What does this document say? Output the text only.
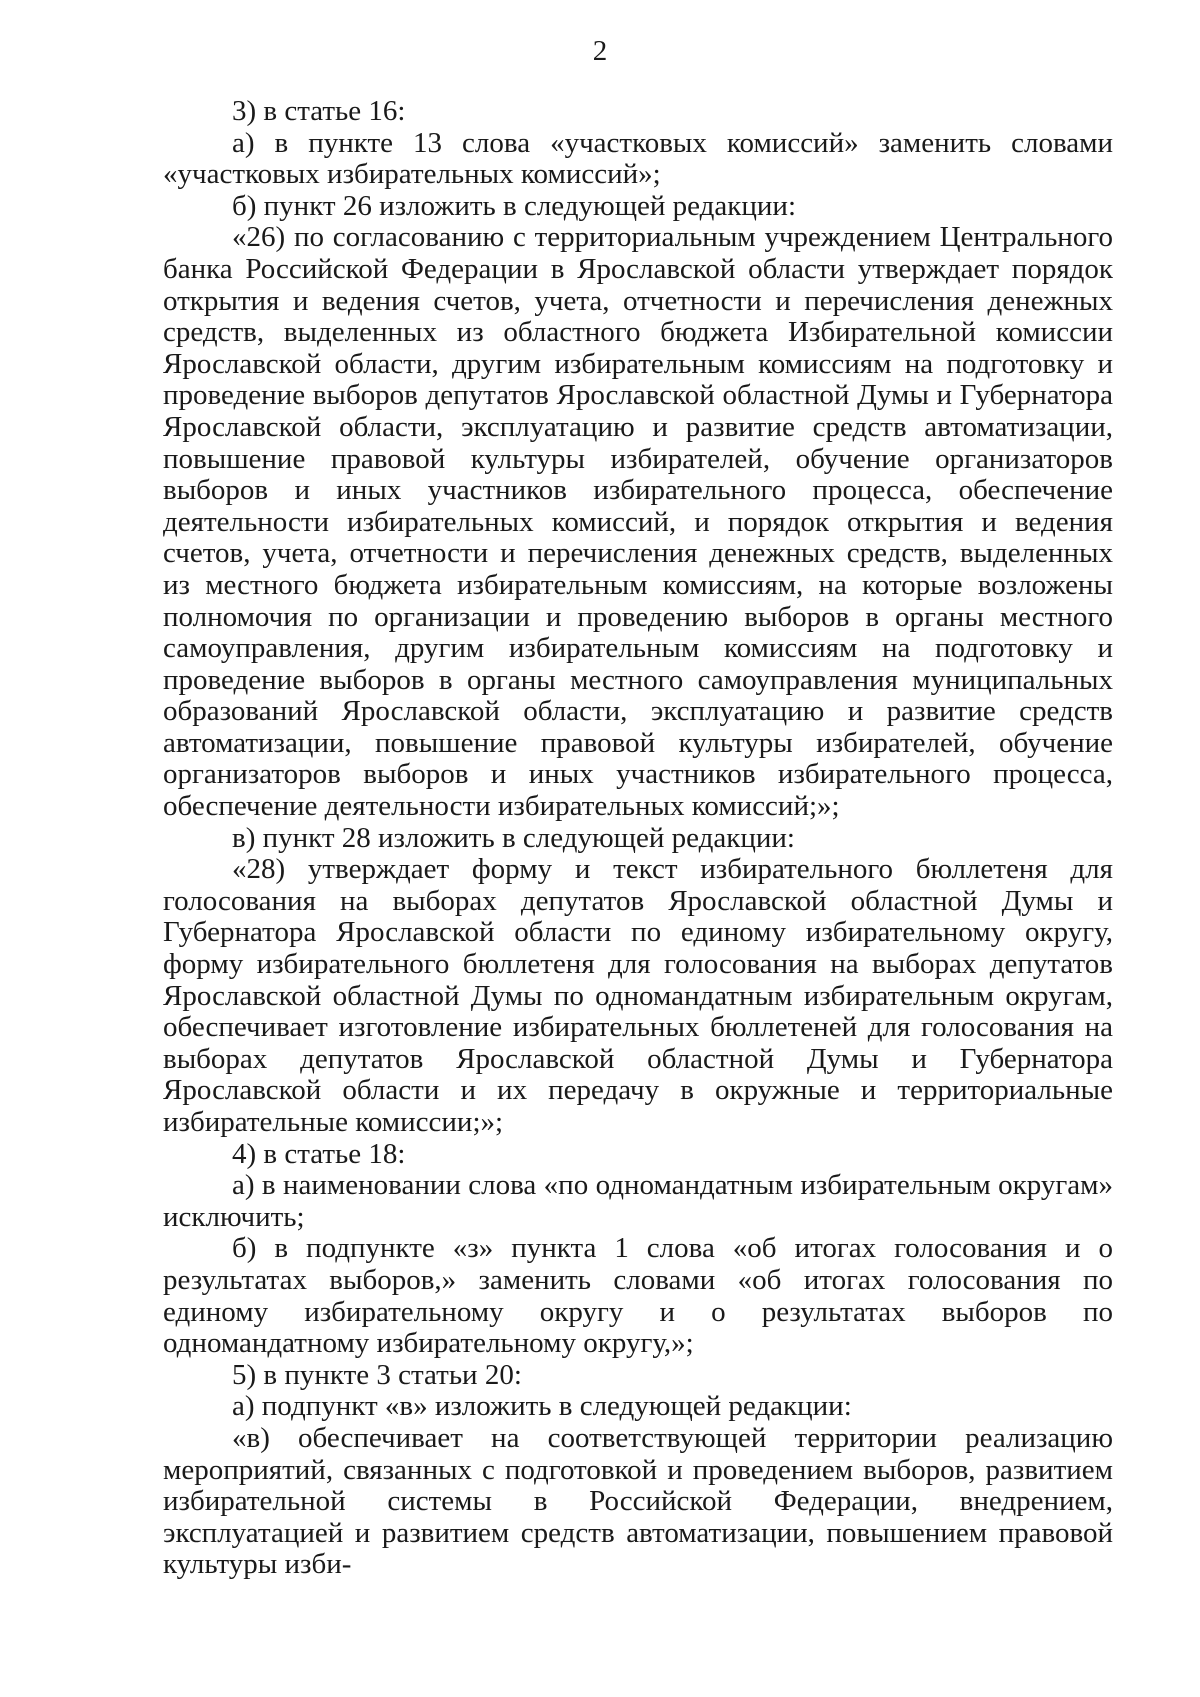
2

3) в статье 16:

а) в пункте 13 слова «участковых комиссий» заменить словами «участковых избирательных комиссий»;

б) пункт 26 изложить в следующей редакции:

«26) по согласованию с территориальным учреждением Центрального банка Российской Федерации в Ярославской области утверждает порядок открытия и ведения счетов, учета, отчетности и перечисления денежных средств, выделенных из областного бюджета Избирательной комиссии Ярославской области, другим избирательным комиссиям на подготовку и проведение выборов депутатов Ярославской областной Думы и Губернатора Ярославской области, эксплуатацию и развитие средств автоматизации, повышение правовой культуры избирателей, обучение организаторов выборов и иных участников избирательного процесса, обеспечение деятельности избирательных комиссий, и порядок открытия и ведения счетов, учета, отчетности и перечисления денежных средств, выделенных из местного бюджета избирательным комиссиям, на которые возложены полномочия по организации и проведению выборов в органы местного самоуправления, другим избирательным комиссиям на подготовку и проведение выборов в органы местного самоуправления муниципальных образований Ярославской области, эксплуатацию и развитие средств автоматизации, повышение правовой культуры избирателей, обучение организаторов выборов и иных участников избирательного процесса, обеспечение деятельности избирательных комиссий;»;

в) пункт 28 изложить в следующей редакции:

«28) утверждает форму и текст избирательного бюллетеня для голосования на выборах депутатов Ярославской областной Думы и Губернатора Ярославской области по единому избирательному округу, форму избирательного бюллетеня для голосования на выборах депутатов Ярославской областной Думы по одномандатным избирательным округам, обеспечивает изготовление избирательных бюллетеней для голосования на выборах депутатов Ярославской областной Думы и Губернатора Ярославской области и их передачу в окружные и территориальные избирательные комиссии;»;

4) в статье 18:

а) в наименовании слова «по одномандатным избирательным округам» исключить;

б) в подпункте «з» пункта 1 слова «об итогах голосования и о результатах выборов,» заменить словами «об итогах голосования по единому избирательному округу и о результатах выборов по одномандатному избирательному округу,»;

5) в пункте 3 статьи 20:

а) подпункт «в» изложить в следующей редакции:

«в) обеспечивает на соответствующей территории реализацию мероприятий, связанных с подготовкой и проведением выборов, развитием избирательной системы в Российской Федерации, внедрением, эксплуатацией и развитием средств автоматизации, повышением правовой культуры изби-
